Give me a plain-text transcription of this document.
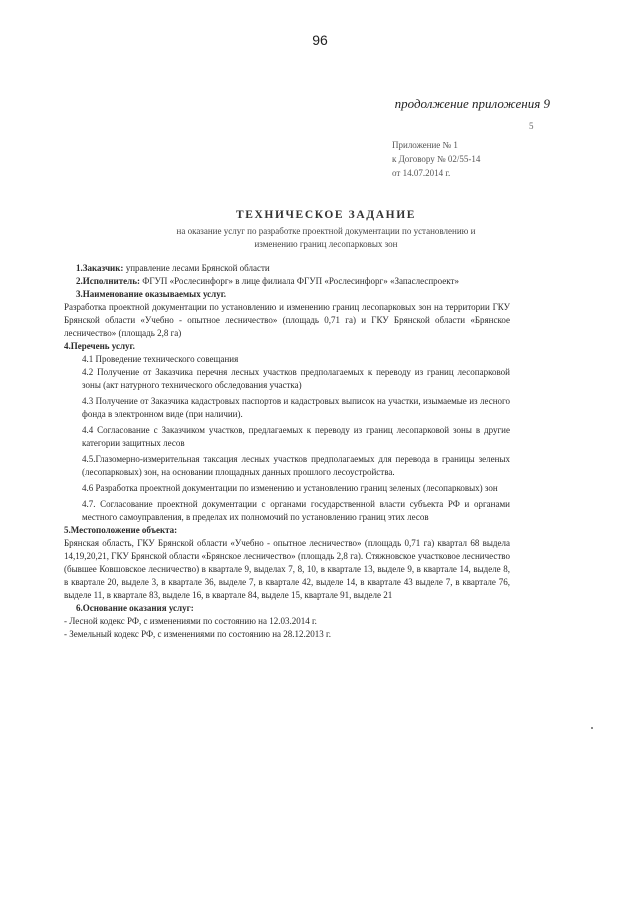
96
продолжение приложения 9
5
Приложение № 1
к Договору № 02/55-14
от 14.07.2014 г.
ТЕХНИЧЕСКОЕ ЗАДАНИЕ
на оказание услуг по разработке проектной документации по установлению и
изменению границ лесопарковых зон

1.Заказчик: управление лесами Брянской области

2.Исполнитель: ФГУП «Рослесинфорг» в лице филиала ФГУП «Рослесинфорг» «Запаслеспроект»

3.Наименование оказываемых услуг.

Разработка проектной документации по установлению и изменению границ лесопарковых зон на территории ГКУ Брянской области «Учебно - опытное лесничество» (площадь 0,71 га) и ГКУ Брянской области «Брянское лесничество» (площадь 2,8 га)

4.Перечень услуг.

4.1 Проведение технического совещания

4.2 Получение от Заказчика перечня лесных участков предполагаемых к переводу из границ лесопарковой зоны (акт натурного технического обследования участка)

4.3 Получение от Заказчика кадастровых паспортов и кадастровых выписок на участки, изымаемые из лесного фонда в электронном виде (при наличии).

4.4 Согласование с Заказчиком участков, предлагаемых к переводу из границ лесопарковой зоны в другие категории защитных лесов

4.5.Глазомерно-измерительная таксация лесных участков предполагаемых для перевода в границы зеленых (лесопарковых) зон, на основании площадных данных прошлого лесоустройства.

4.6 Разработка проектной документации по изменению и установлению границ зеленых (лесопарковых) зон

4.7. Согласование проектной документации с органами государственной власти субъекта РФ и органами местного самоуправления, в пределах их полномочий по установлению границ этих лесов

5.Местоположение объекта:

Брянская область, ГКУ Брянской области «Учебно - опытное лесничество» (площадь 0,71 га) квартал 68 выдела 14,19,20,21, ГКУ Брянской области «Брянское лесничество» (площадь 2,8 га). Стяжновское участковое лесничество (бывшее Ковшовское лесничество) в квартале 9, выделах 7, 8, 10, в квартале 13, выделе 9, в квартале 14, выделе 8, в квартале 20, выделе 3, в квартале 36, выделе 7, в квартале 42, выделе 14, в квартале 43 выделе 7, в квартале 76, выделе 11, в квартале 83, выделе 16, в квартале 84, выделе 15, квартале 91, выделе 21

6.Основание оказания услуг:

- Лесной кодекс РФ, с изменениями по состоянию на 12.03.2014 г.

- Земельный кодекс РФ, с изменениями по состоянию на 28.12.2013 г.
